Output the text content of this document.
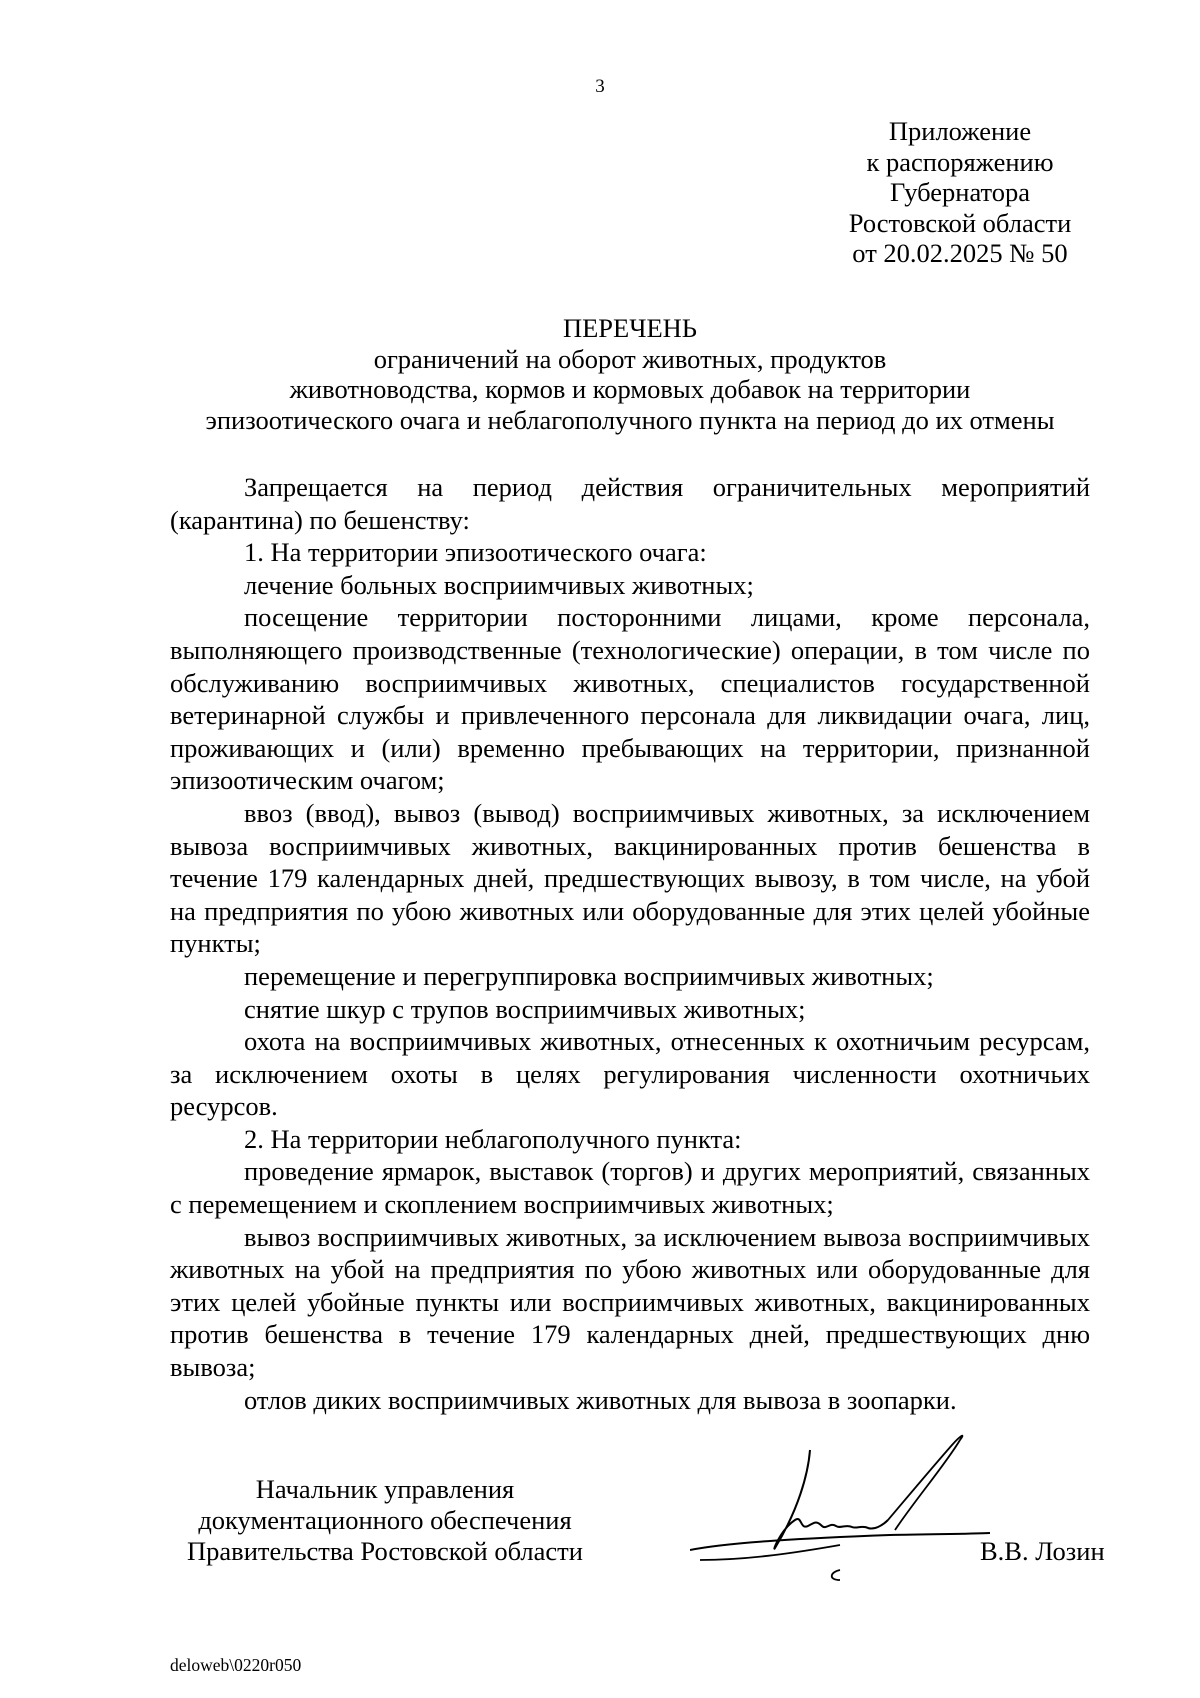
3
Приложение
к распоряжению
Губернатора
Ростовской области
от 20.02.2025 № 50
ПЕРЕЧЕНЬ
ограничений на оборот животных, продуктов
животноводства, кормов и кормовых добавок на территории
эпизоотического очага и неблагополучного пункта на период до их отмены

Запрещается на период действия ограничительных мероприятий (карантина) по бешенству:

1. На территории эпизоотического очага:

лечение больных восприимчивых животных;

посещение территории посторонними лицами, кроме персонала, выполняющего производственные (технологические) операции, в том числе по обслуживанию восприимчивых животных, специалистов государственной ветеринарной службы и привлеченного персонала для ликвидации очага, лиц, проживающих и (или) временно пребывающих на территории, признанной эпизоотическим очагом;

ввоз (ввод), вывоз (вывод) восприимчивых животных, за исключением вывоза восприимчивых животных, вакцинированных против бешенства в течение 179 календарных дней, предшествующих вывозу, в том числе, на убой на предприятия по убою животных или оборудованные для этих целей убойные пункты;

перемещение и перегруппировка восприимчивых животных;

снятие шкур с трупов восприимчивых животных;

охота на восприимчивых животных, отнесенных к охотничьим ресурсам, за исключением охоты в целях регулирования численности охотничьих ресурсов.

2. На территории неблагополучного пункта:

проведение ярмарок, выставок (торгов) и других мероприятий, связанных с перемещением и скоплением восприимчивых животных;

вывоз восприимчивых животных, за исключением вывоза восприимчивых животных на убой на предприятия по убою животных или оборудованные для этих целей убойные пункты или восприимчивых животных, вакцинированных против бешенства в течение 179 календарных дней, предшествующих дню вывоза;

отлов диких восприимчивых животных для вывоза в зоопарки.

Начальник управления
документационного обеспечения
Правительства Ростовской области	В.В. Лозин
deloweb\0220r050
